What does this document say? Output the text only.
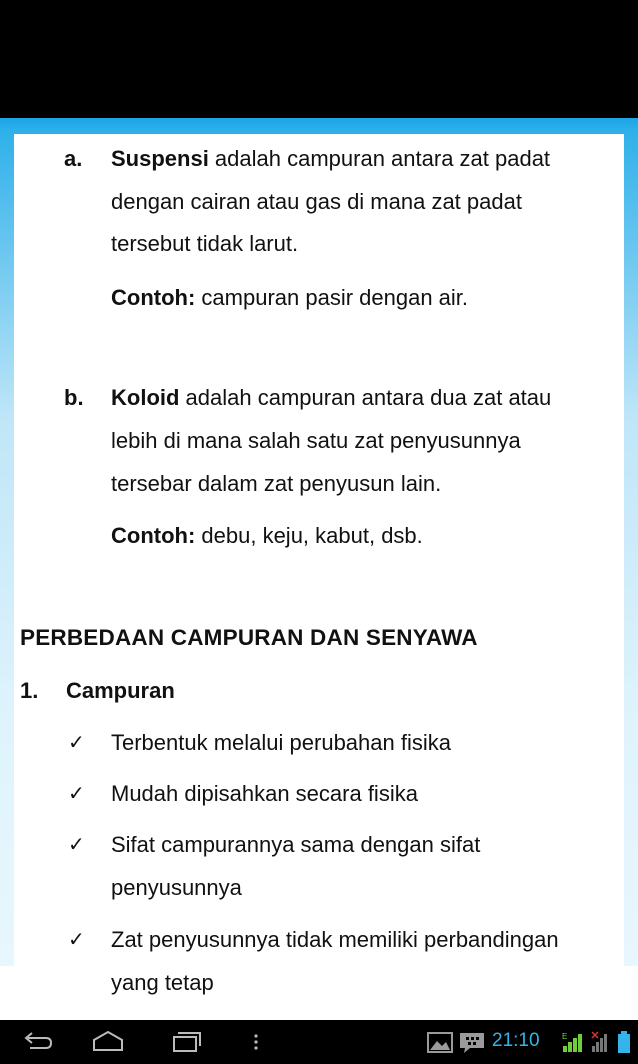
a. Suspensi adalah campuran antara zat padat
dengan cairan atau gas di mana zat padat
tersebut tidak larut.
Contoh: campuran pasir dengan air.
b. Koloid adalah campuran antara dua zat atau
lebih di mana salah satu zat penyusunnya
tersebar dalam zat penyusun lain.
Contoh: debu, keju, kabut, dsb.
PERBEDAAN CAMPURAN DAN SENYAWA
1. Campuran
✓ Terbentuk melalui perubahan fisika
✓ Mudah dipisahkan secara fisika
✓ Sifat campurannya sama dengan sifat
penyusunnya
✓ Zat penyusunnya tidak memiliki perbandingan
yang tetap
21:10	E
